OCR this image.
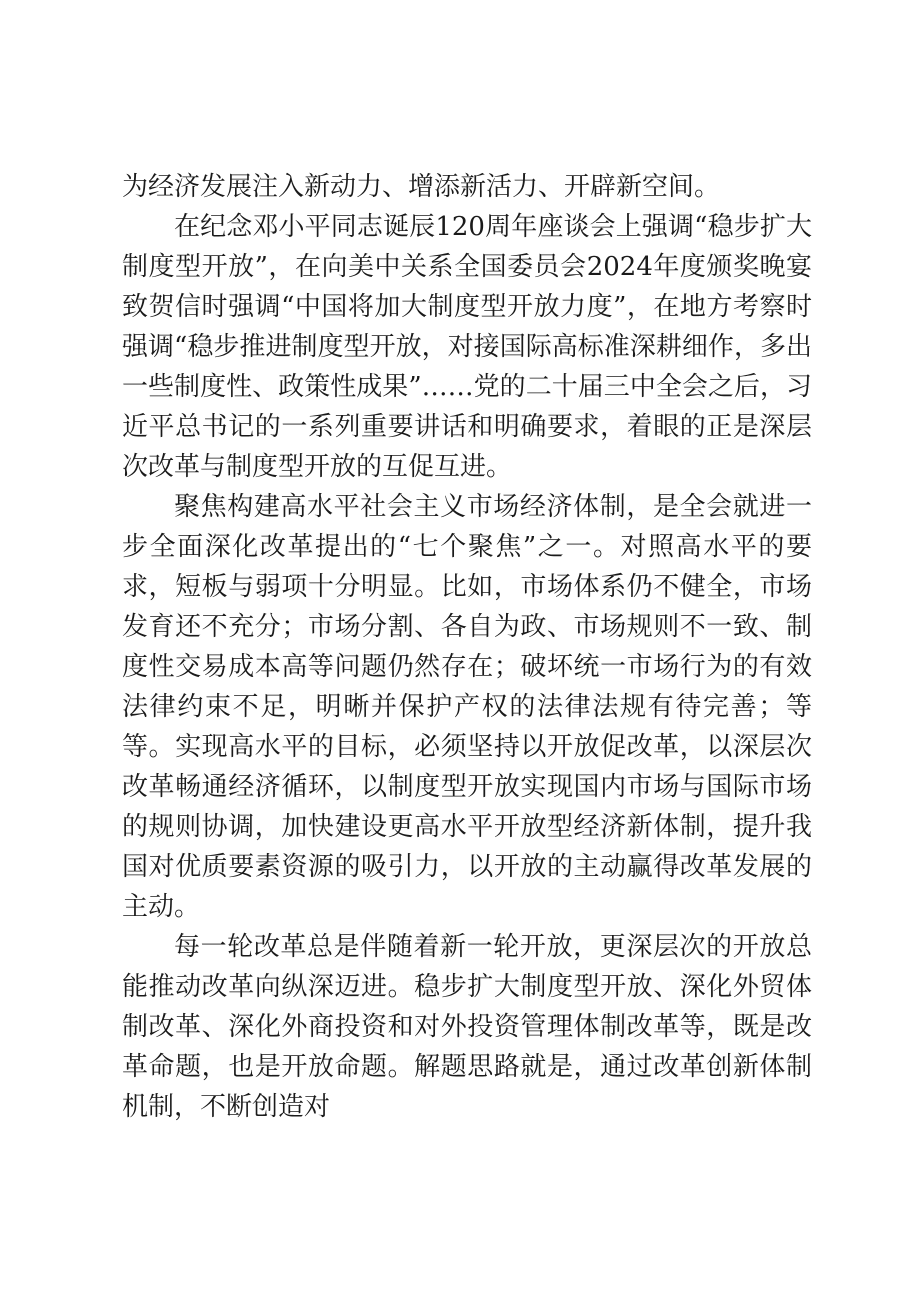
为经济发展注入新动力、增添新活力、开辟新空间。

在纪念邓小平同志诞辰120周年座谈会上强调“稳步扩大制度型开放”，在向美中关系全国委员会2024年度颁奖晚宴致贺信时强调“中国将加大制度型开放力度”，在地方考察时强调“稳步推进制度型开放，对接国际高标准深耕细作，多出一些制度性、政策性成果”……党的二十届三中全会之后，习近平总书记的一系列重要讲话和明确要求，着眼的正是深层次改革与制度型开放的互促互进。

聚焦构建高水平社会主义市场经济体制，是全会就进一步全面深化改革提出的“七个聚焦”之一。对照高水平的要求，短板与弱项十分明显。比如，市场体系仍不健全，市场发育还不充分；市场分割、各自为政、市场规则不一致、制度性交易成本高等问题仍然存在；破坏统一市场行为的有效法律约束不足，明晰并保护产权的法律法规有待完善；等等。实现高水平的目标，必须坚持以开放促改革，以深层次改革畅通经济循环，以制度型开放实现国内市场与国际市场的规则协调，加快建设更高水平开放型经济新体制，提升我国对优质要素资源的吸引力，以开放的主动赢得改革发展的主动。

每一轮改革总是伴随着新一轮开放，更深层次的开放总能推动改革向纵深迈进。稳步扩大制度型开放、深化外贸体制改革、深化外商投资和对外投资管理体制改革等，既是改革命题，也是开放命题。解题思路就是，通过改革创新体制机制，不断创造对
